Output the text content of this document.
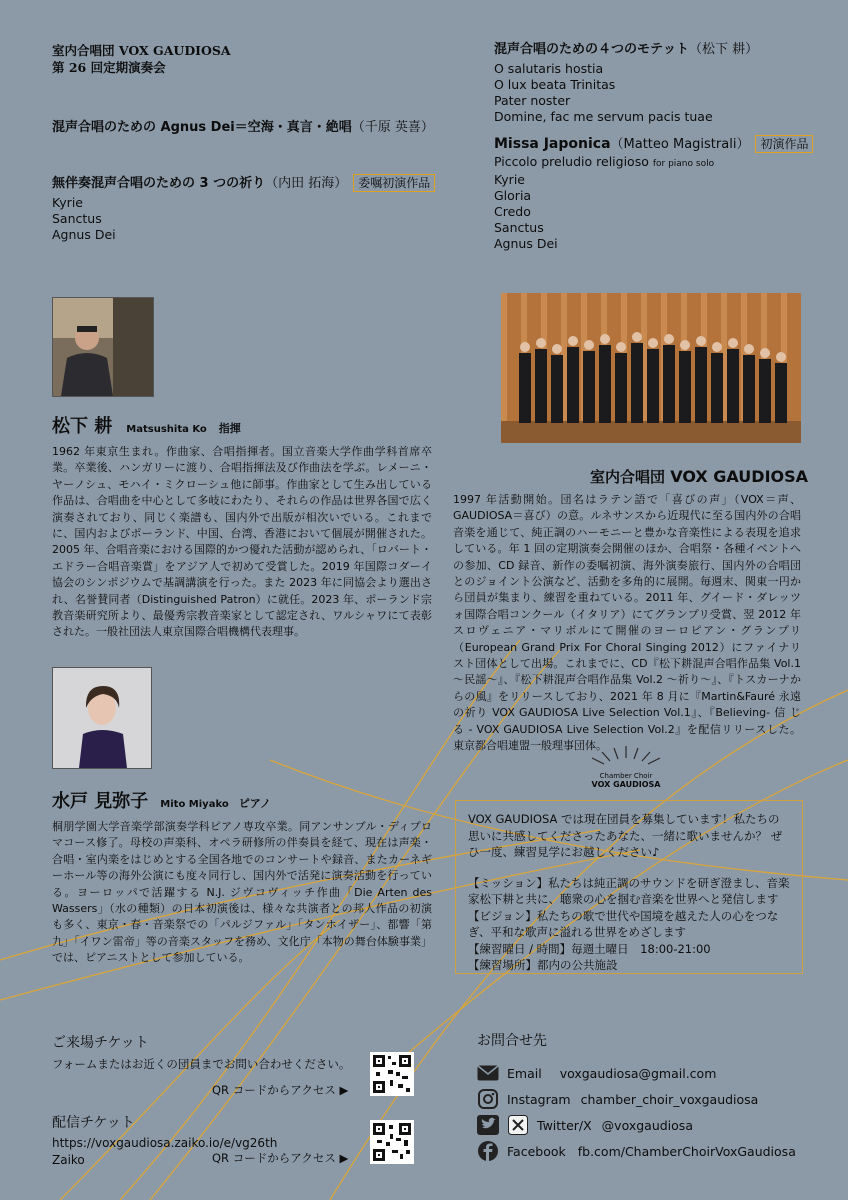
室内合唱団 VOX GAUDIOSA
第 26 回定期演奏会

混声合唱のための Agnus Dei＝空海・真言・絶唱（千原 英喜）

無伴奏混声合唱のための 3 つの祈り（内田 拓海） 委嘱初演作品

Kyrie

Sanctus

Agnus Dei

混声合唱のための４つのモテット（松下 耕）

O salutaris hostia

O lux beata Trinitas

Pater noster

Domine, fac me servum pacis tuae

Missa Japonica（Matteo Magistrali） 初演作品

Piccolo preludio religioso for piano solo

Kyrie

Gloria

Credo

Sanctus

Agnus Dei

松下 耕 Matsushita Ko 指揮

1962 年東京生まれ。作曲家、合唱指揮者。国立音楽大学作曲学科首席卒業。卒業後、ハンガリーに渡り、合唱指揮法及び作曲法を学ぶ。レメーニ・ヤーノシュ、モハイ・ミクローシュ他に師事。作曲家として生み出している作品は、合唱曲を中心として多岐にわたり、それらの作品は世界各国で広く演奏されており、同じく楽譜も、国内外で出版が相次いでいる。これまでに、国内およびポーランド、中国、台湾、香港において個展が開催された。2005 年、合唱音楽における国際的かつ優れた活動が認められ、「ロバート・エドラー合唱音楽賞」をアジア人で初めて受賞した。2019 年国際コダーイ協会のシンポジウムで基調講演を行った。また 2023 年に同協会より選出され、名誉賛同者（Distinguished Patron）に就任。2023 年、ポーランド宗教音楽研究所より、最優秀宗教音楽家として認定され、ワルシャワにて表彰された。一般社団法人東京国際合唱機構代表理事。

水戸 見弥子 Mito Miyako ピアノ

桐朋学園大学音楽学部演奏学科ピアノ専攻卒業。同アンサンブル・ディプロマコース修了。母校の声楽科、オペラ研修所の伴奏員を経て、現在は声楽・合唱・室内楽をはじめとする全国各地でのコンサートや録音、またカーネギーホール等の海外公演にも度々同行し、国内外で活発に演奏活動を行っている。ヨーロッパで活躍する N.J. ジヴコヴィッチ作曲「Die Arten des Wassers」（水の種類）の日本初演後は、様々な共演者との邦人作品の初演も多く、東京・春・音楽祭での「パルジファル」「タンホイザー」、都響「第九」「イワン雷帝」等の音楽スタッフを務め、文化庁「本物の舞台体験事業」では、ピアニストとして参加している。

室内合唱団 VOX GAUDIOSA

1997 年活動開始。団名はラテン語で「喜びの声」（VOX＝声、GAUDIOSA＝喜び）の意。ルネサンスから近現代に至る国内外の合唱音楽を通じて、純正調のハーモニーと豊かな音楽性による表現を追求している。年 1 回の定期演奏会開催のほか、合唱祭・各種イベントへの参加、CD 録音、新作の委嘱初演、海外演奏旅行、国内外の合唱団とのジョイント公演など、活動を多角的に展開。毎週末、関東一円から団員が集まり、練習を重ねている。2011 年、グイード・ダレッツォ国際合唱コンクール（イタリア）にてグランプリ受賞、翌 2012 年スロヴェニア・マリボルにて開催のヨーロピアン・グランプリ（European Grand Prix For Choral Singing 2012）にファイナリスト団体として出場。これまでに、CD『松下耕混声合唱作品集 Vol.1 〜民謡〜』、『松下耕混声合唱作品集 Vol.2 〜祈り〜』、『トスカーナからの風』をリリースしており、2021 年 8 月に『Martin&Fauré 永遠の祈り VOX GAUDIOSA Live Selection Vol.1』、『Believing- 信 じ る - VOX GAUDIOSA Live Selection Vol.2』を配信リリースした。東京都合唱連盟一般理事団体。

Chamber Choir
VOX GAUDIOSA
VOX GAUDIOSA では現在団員を募集しています！私たちの思いに共感してくださったあなた、一緒に歌いませんか？ ぜひ一度、練習見学にお越しください♪
【ミッション】私たちは純正調のサウンドを研ぎ澄まし、音楽家松下耕と共に、聴衆の心を掴む音楽を世界へと発信します
【ビジョン】私たちの歌で世代や国境を越えた人の心をつなぎ、平和な歌声に溢れる世界をめざします
【練習曜日 / 時間】毎週土曜日　18:00-21:00
【練習場所】都内の公共施設
ご来場チケット
フォームまたはお近くの団員までお問い合わせください。
QR コードからアクセス ▶
配信チケット
https://voxgaudiosa.zaiko.io/e/vg26th
Zaiko	QR コードからアクセス ▶
お問合せ先
Email voxgaudiosa@gmail.com
Instagram chamber_choir_voxgaudiosa
Twitter/X @voxgaudiosa
Facebook fb.com/ChamberChoirVoxGaudiosa
